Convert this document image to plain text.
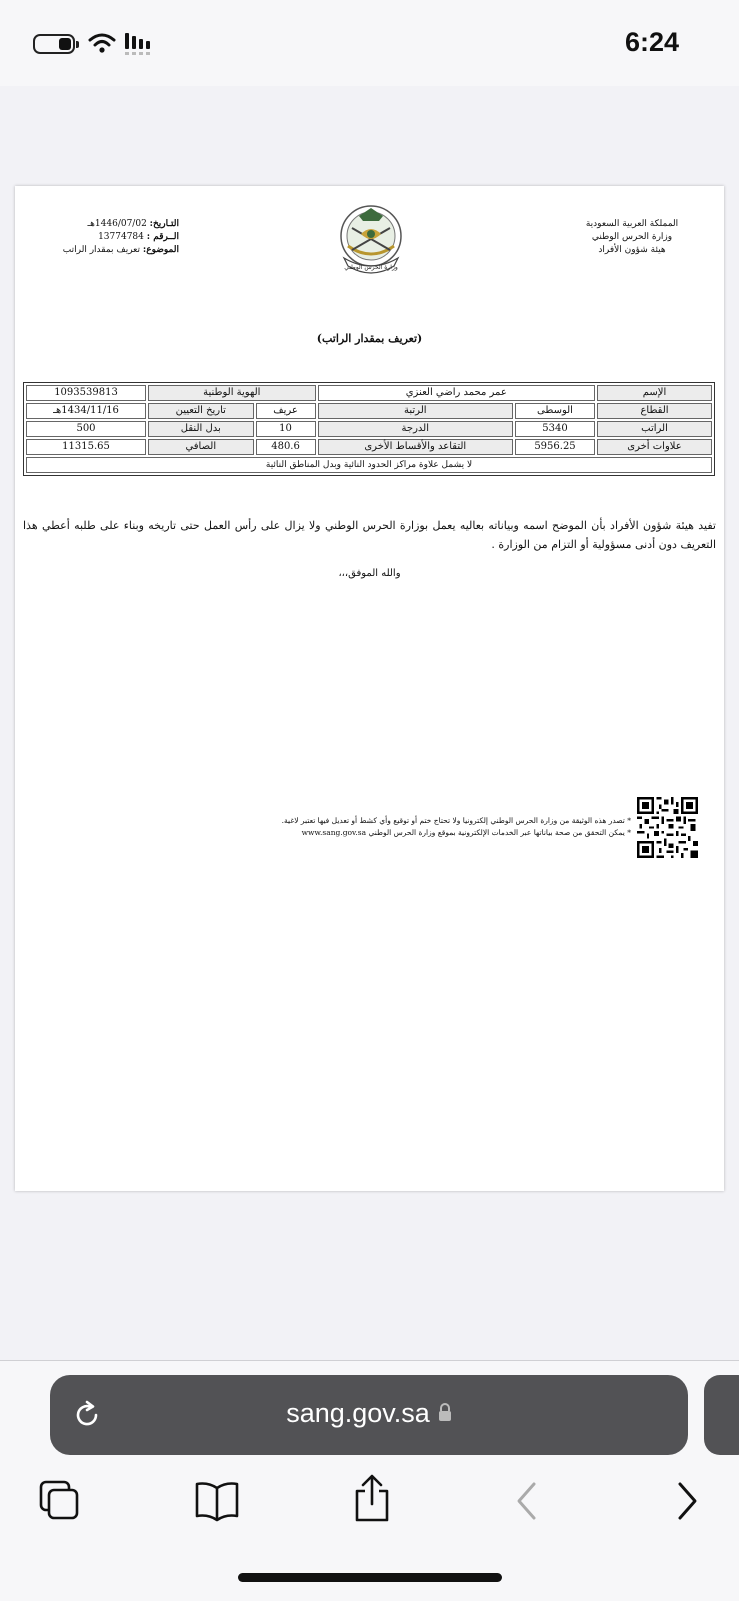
6:24
المملكة العربية السعودية
وزارة الحرس الوطني
هيئة شؤون الأفراد
وزارة الحرس الوطني
التـاريخ: 1446/07/02هـ
الــرقم : 13774784
الموضوع: تعريف بمقدار الراتب
(تعريف بمقدار الراتب)
الإسم	عمر محمد راضي العنزي		الهوية الوطنية		1093539813
القطاع	الوسطى	الرتبة	عريف	تاريخ التعيين	1434/11/16هـ
الراتب	5340	الدرجة	10	بدل النقل	500
علاوات أخرى	5956.25	التقاعد والأقساط الأخرى	480.6	الصافي	11315.65
لا يشمل علاوة مراكز الحدود النائية وبدل المناطق النائية					
تفيد هيئة شؤون الأفراد بأن الموضح اسمه وبياناته بعاليه يعمل بوزارة الحرس الوطني ولا يزال على رأس العمل حتى تاريخه وبناء على طلبه أعطي هذا التعريف دون أدنى مسؤولية أو التزام من الوزارة .
والله الموفق،،،
* تصدر هذه الوثيقة من وزارة الحرس الوطني إلكترونيا ولا تحتاج ختم أو توقيع وأي كشط أو تعديل فيها تعتبر لاغية.
* يمكن التحقق من صحة بياناتها عبر الخدمات الإلكترونية بموقع وزارة الحرس الوطني www.sang.gov.sa
sang.gov.sa
